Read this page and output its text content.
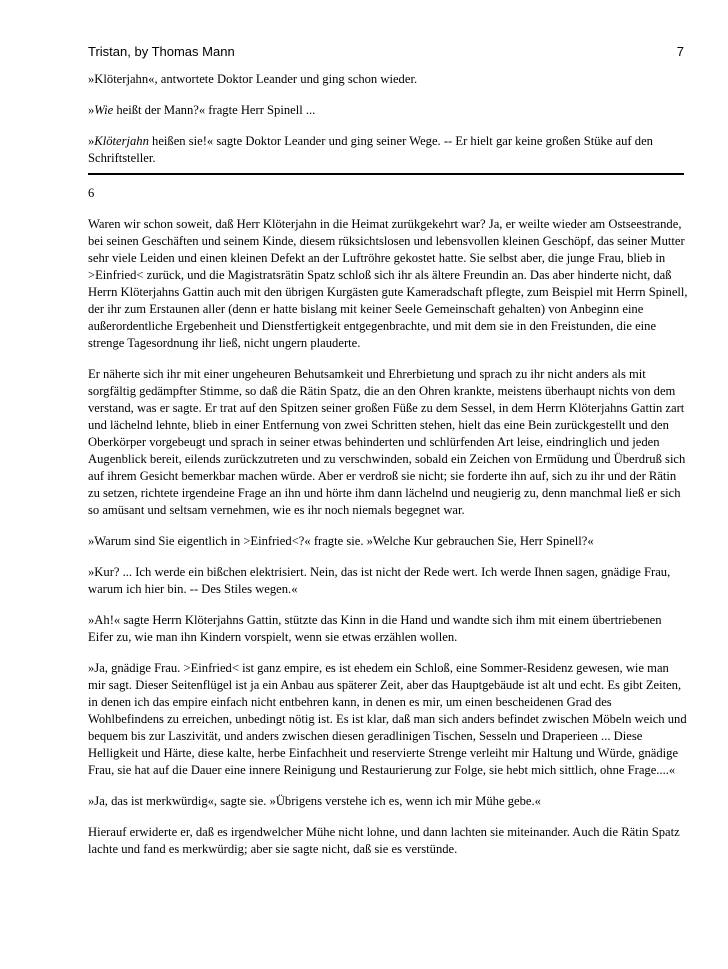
Tristan, by Thomas Mann	7

»Klöterjahn«, antwortete Doktor Leander und ging schon wieder.

»Wie heißt der Mann?« fragte Herr Spinell ...

»Klöterjahn heißen sie!« sagte Doktor Leander und ging seiner Wege. -- Er hielt gar keine großen Stüke auf den Schriftsteller.

6

Waren wir schon soweit, daß Herr Klöterjahn in die Heimat zurükgekehrt war? Ja, er weilte wieder am Ostseestrande, bei seinen Geschäften und seinem Kinde, diesem rüksichtslosen und lebensvollen kleinen Geschöpf, das seiner Mutter sehr viele Leiden und einen kleinen Defekt an der Luftröhre gekostet hatte. Sie selbst aber, die junge Frau, blieb in >Einfried< zurück, und die Magistratsrätin Spatz schloß sich ihr als ältere Freundin an. Das aber hinderte nicht, daß Herrn Klöterjahns Gattin auch mit den übrigen Kurgästen gute Kameradschaft pflegte, zum Beispiel mit Herrn Spinell, der ihr zum Erstaunen aller (denn er hatte bislang mit keiner Seele Gemeinschaft gehalten) von Anbeginn eine außerordentliche Ergebenheit und Dienstfertigkeit entgegenbrachte, und mit dem sie in den Freistunden, die eine strenge Tagesordnung ihr ließ, nicht ungern plauderte.

Er näherte sich ihr mit einer ungeheuren Behutsamkeit und Ehrerbietung und sprach zu ihr nicht anders als mit sorgfältig gedämpfter Stimme, so daß die Rätin Spatz, die an den Ohren krankte, meistens überhaupt nichts von dem verstand, was er sagte. Er trat auf den Spitzen seiner großen Füße zu dem Sessel, in dem Herrn Klöterjahns Gattin zart und lächelnd lehnte, blieb in einer Entfernung von zwei Schritten stehen, hielt das eine Bein zurückgestellt und den Oberkörper vorgebeugt und sprach in seiner etwas behinderten und schlürfenden Art leise, eindringlich und jeden Augenblick bereit, eilends zurückzutreten und zu verschwinden, sobald ein Zeichen von Ermüdung und Überdruß sich auf ihrem Gesicht bemerkbar machen würde. Aber er verdroß sie nicht; sie forderte ihn auf, sich zu ihr und der Rätin zu setzen, richtete irgendeine Frage an ihn und hörte ihm dann lächelnd und neugierig zu, denn manchmal ließ er sich so amüsant und seltsam vernehmen, wie es ihr noch niemals begegnet war.

»Warum sind Sie eigentlich in >Einfried<?« fragte sie. »Welche Kur gebrauchen Sie, Herr Spinell?«

»Kur? ... Ich werde ein bißchen elektrisiert. Nein, das ist nicht der Rede wert. Ich werde Ihnen sagen, gnädige Frau, warum ich hier bin. -- Des Stiles wegen.«

»Ah!« sagte Herrn Klöterjahns Gattin, stützte das Kinn in die Hand und wandte sich ihm mit einem übertriebenen Eifer zu, wie man ihn Kindern vorspielt, wenn sie etwas erzählen wollen.

»Ja, gnädige Frau. >Einfried< ist ganz empire, es ist ehedem ein Schloß, eine Sommer-Residenz gewesen, wie man mir sagt. Dieser Seitenflügel ist ja ein Anbau aus späterer Zeit, aber das Hauptgebäude ist alt und echt. Es gibt Zeiten, in denen ich das empire einfach nicht entbehren kann, in denen es mir, um einen bescheidenen Grad des Wohlbefindens zu erreichen, unbedingt nötig ist. Es ist klar, daß man sich anders befindet zwischen Möbeln weich und bequem bis zur Laszivität, und anders zwischen diesen geradlinigen Tischen, Sesseln und Draperieen ... Diese Helligkeit und Härte, diese kalte, herbe Einfachheit und reservierte Strenge verleiht mir Haltung und Würde, gnädige Frau, sie hat auf die Dauer eine innere Reinigung und Restaurierung zur Folge, sie hebt mich sittlich, ohne Frage....«

»Ja, das ist merkwürdig«, sagte sie. »Übrigens verstehe ich es, wenn ich mir Mühe gebe.«

Hierauf erwiderte er, daß es irgendwelcher Mühe nicht lohne, und dann lachten sie miteinander. Auch die Rätin Spatz lachte und fand es merkwürdig; aber sie sagte nicht, daß sie es verstünde.
